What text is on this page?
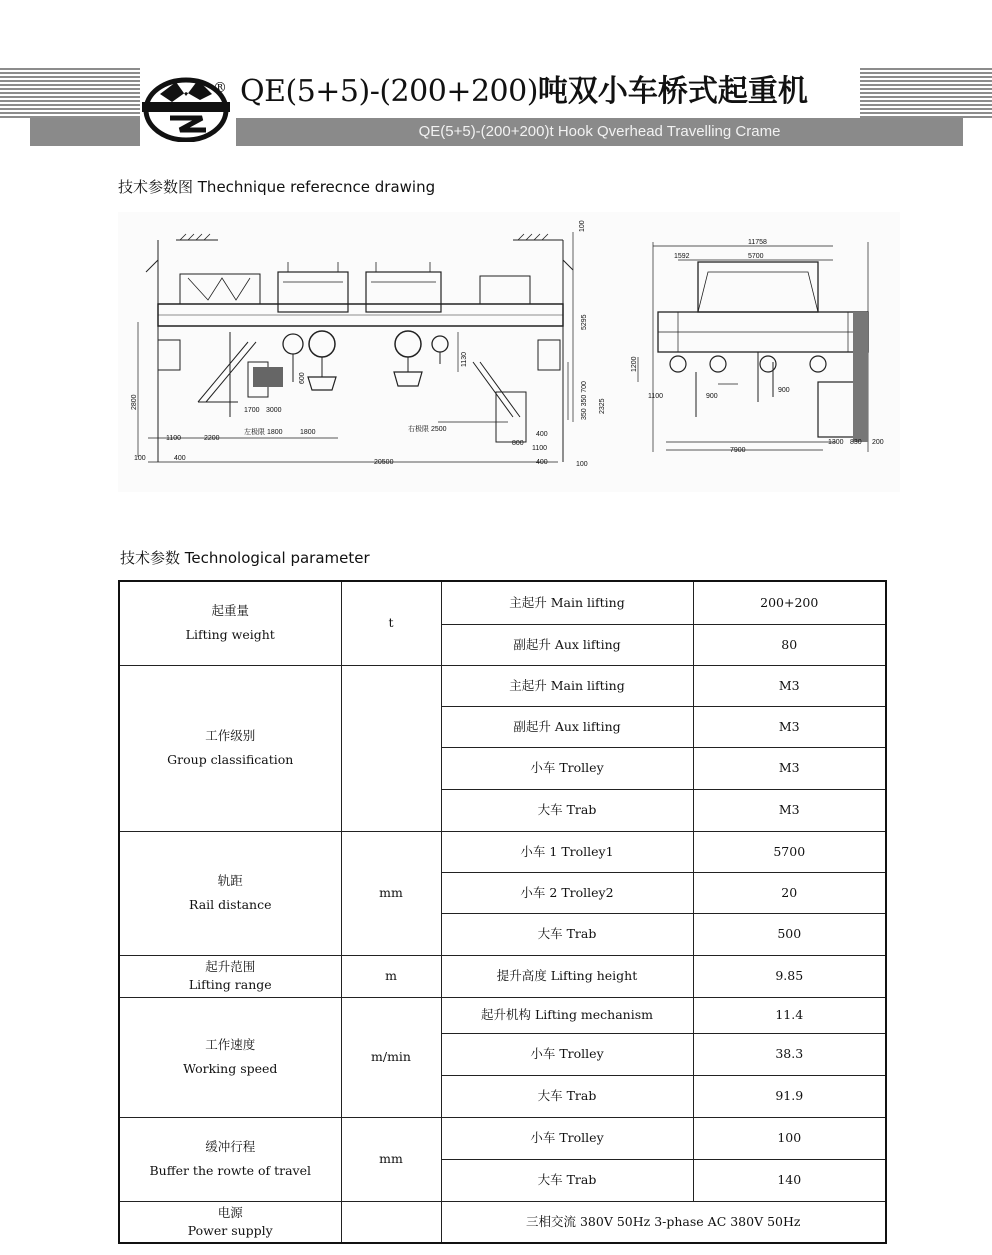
® QE(5+5)-(200+200)吨双小车桥式起重机
QE(5+5)-(200+200)t Hook Qverhead Travelling Crame
技术参数图 Thechnique referecnce drawing
100
5295
1130
600
2800
1700 3000
1100	2200
左极限 1800 1800	右极限 2500
350 350 700 2325
800
400
1100
400
100	400
20500	100
11758
1592	5700
1200
1100	900
900
7900
1300 830 200
技术参数 Technological parameter
起重量
Lifting weight	t	主起升 Main lifting	200+200
		副起升 Aux lifting	80

工作级别
Group classification		主起升 Main lifting	M3
		副起升 Aux lifting	M3
		小车 Trolley	M3
		大车 Trab	M3

轨距
Rail distance	mm	小车 1 Trolley1	5700
		小车 2 Trolley2	20
		大车 Trab	500

起升范围
Lifting range	m	提升高度 Lifting height	9.85

工作速度
Working speed	m/min	起升机构 Lifting mechanism	11.4
		小车 Trolley	38.3
		大车 Trab	91.9

缓冲行程
Buffer the rowte of travel	mm	小车 Trolley	100
		大车 Trab	140

电源
Power supply		三相交流 380V 50Hz 3-phase AC 380V 50Hz	
